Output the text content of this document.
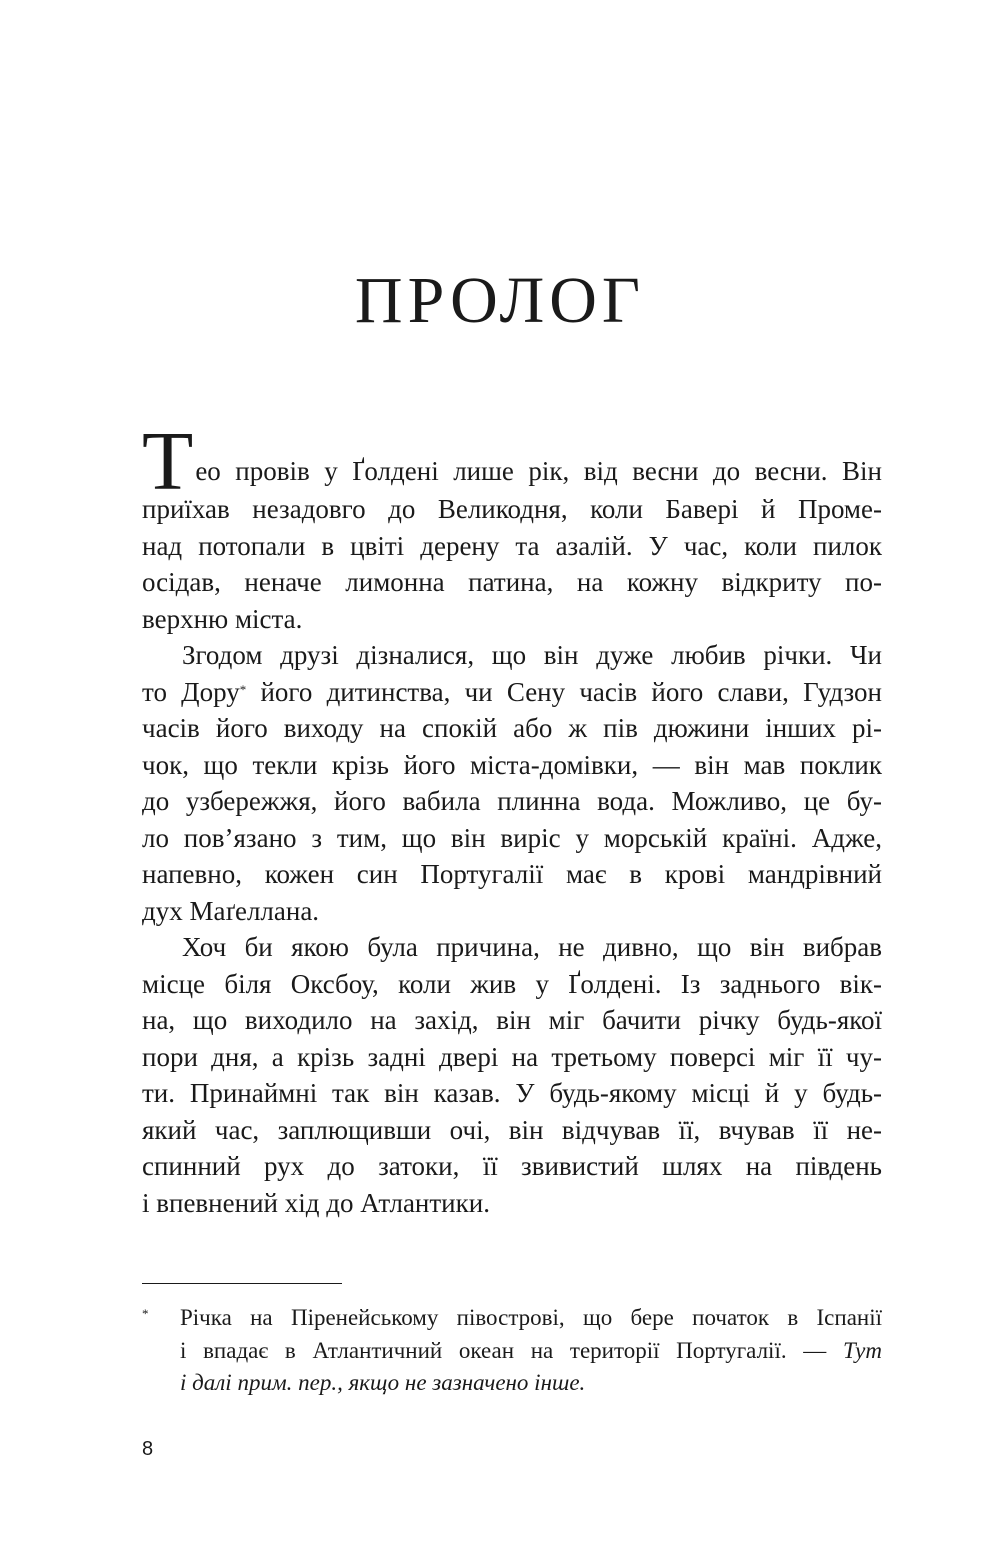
ПРОЛОГ
Т ео провів у Ґолдені лише рік, від весни до весни. Він
приїхав незадовго до Великодня, коли Бавері й Проме-
над потопали в цвіті дерену та азалій. У час, коли пилок
осідав, неначе лимонна патина, на кожну відкриту по-
верхню міста.
Згодом друзі дізналися, що він дуже любив річки. Чи
то Дору* його дитинства, чи Сену часів його слави, Гудзон
часів його виходу на спокій або ж пів дюжини інших рі-
чок, що текли крізь його міста-домівки, — він мав поклик
до узбережжя, його вабила плинна вода. Можливо, це бу-
ло пов’язано з тим, що він виріс у морській країні. Адже,
напевно, кожен син Португалії має в крові мандрівний
дух Маґеллана.
Хоч би якою була причина, не дивно, що він вибрав
місце біля Оксбоу, коли жив у Ґолдені. Із заднього вік-
на, що виходило на захід, він міг бачити річку будь-якої
пори дня, а крізь задні двері на третьому поверсі міг її чу-
ти. Принаймні так він казав. У будь-якому місці й у будь-
який час, заплющивши очі, він відчував її, вчував її не-
спинний рух до затоки, її звивистий шлях на південь
і впевнений хід до Атлантики.
*	Річка на Піренейському півострові, що бере початок в Іспанії
і впадає в Атлантичний океан на території Португалії. — Тут
і далі прим. пер., якщо не зазначено інше.
8
